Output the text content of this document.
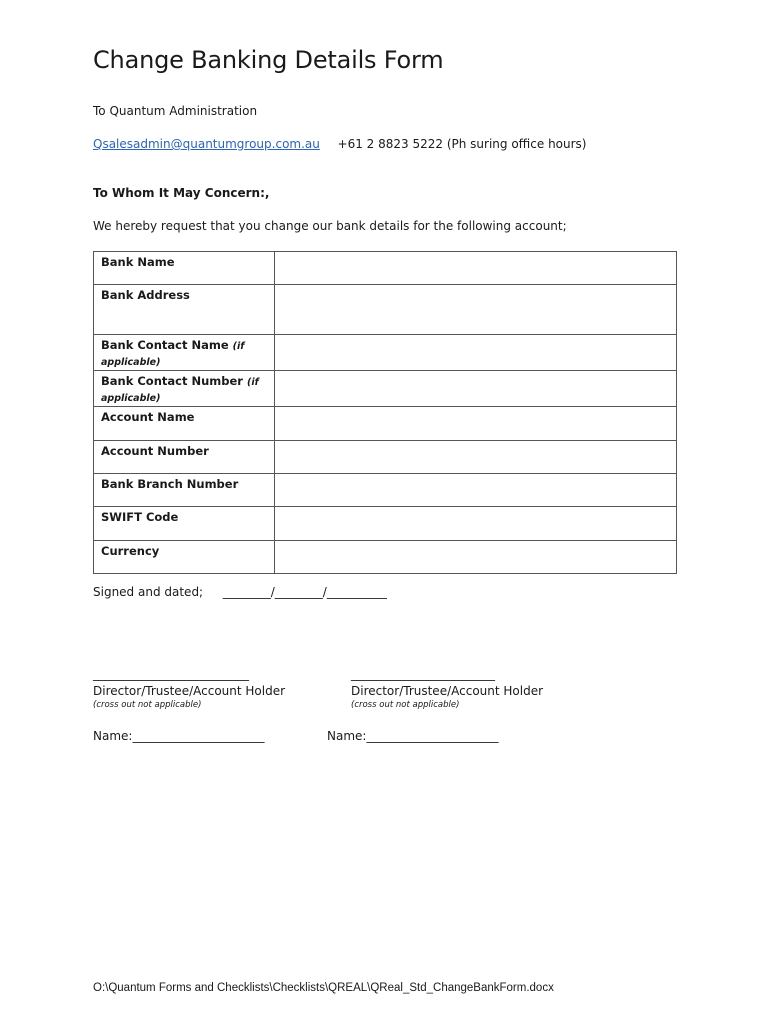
Change Banking Details Form
To Quantum Administration
Qsalesadmin@quantumgroup.com.au +61 2 8823 5222 (Ph suring office hours)
To Whom It May Concern:,
We hereby request that you change our bank details for the following account;
Bank Name	
Bank Address	
Bank Contact Name (if applicable)	
Bank Contact Number (if applicable)	
Account Name	
Account Number	
Bank Branch Number	
SWIFT Code	
Currency	
Signed and dated; ________/________/__________
__________________________
Director/Trustee/Account Holder
(cross out not applicable)
Name:______________________
________________________
Director/Trustee/Account Holder
(cross out not applicable)
Name:______________________
O:\Quantum Forms and Checklists\Checklists\QREAL\QReal_Std_ChangeBankForm.docx
